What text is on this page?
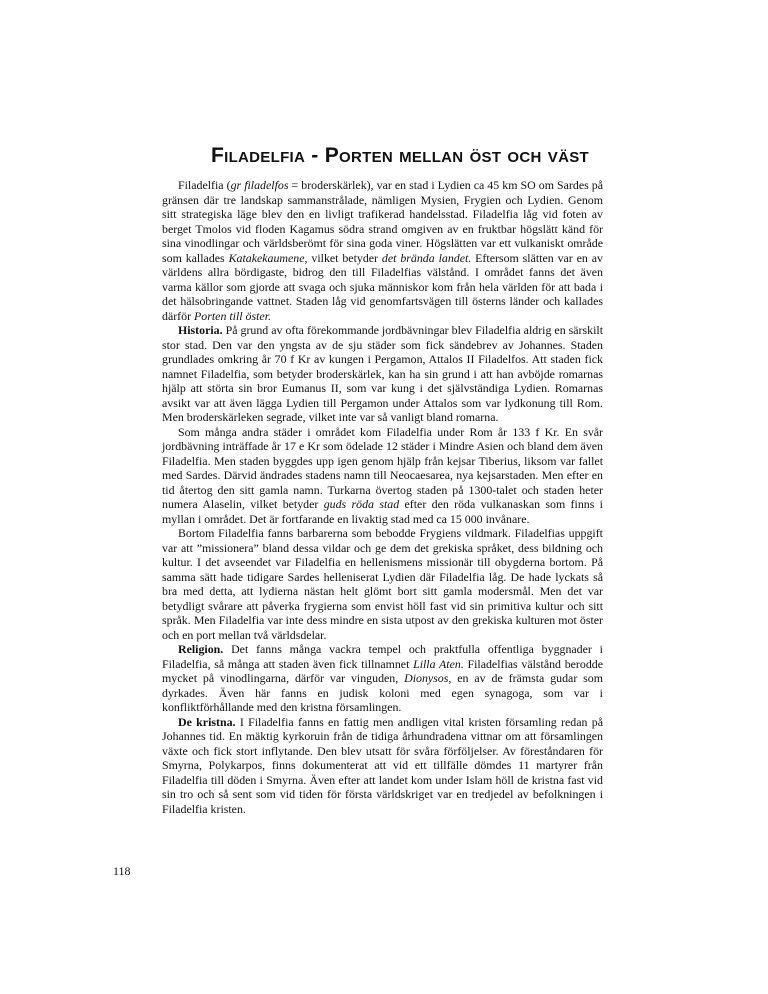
Filadelfia - Porten mellan öst och väst

Filadelfia (gr filadelfos = broderskärlek), var en stad i Lydien ca 45 km SO om Sardes på gränsen där tre landskap sammanstrålade, nämligen Mysien, Frygien och Lydien. Genom sitt strategiska läge blev den en livligt trafikerad handelsstad. Filadelfia låg vid foten av berget Tmolos vid floden Kagamus södra strand omgiven av en fruktbar högslätt känd för sina vinodlingar och världsberömt för sina goda viner. Högslätten var ett vulkaniskt område som kallades Katakekaumene, vilket betyder det brända landet. Eftersom slätten var en av världens allra bördigaste, bidrog den till Filadelfias välstånd. I området fanns det även varma källor som gjorde att svaga och sjuka människor kom från hela världen för att bada i det hälsobringande vattnet. Staden låg vid genomfartsvägen till österns länder och kallades därför Porten till öster.

Historia. På grund av ofta förekommande jordbävningar blev Filadelfia aldrig en särskilt stor stad. Den var den yngsta av de sju städer som fick sändebrev av Johannes. Staden grundlades omkring år 70 f Kr av kungen i Pergamon, Attalos II Filadelfos. Att staden fick namnet Filadelfia, som betyder broderskärlek, kan ha sin grund i att han avböjde romarnas hjälp att störta sin bror Eumanus II, som var kung i det självständiga Lydien. Romarnas avsikt var att även lägga Lydien till Pergamon under Attalos som var lydkonung till Rom. Men broderskärleken segrade, vilket inte var så vanligt bland romarna.

Som många andra städer i området kom Filadelfia under Rom år 133 f Kr. En svår jordbävning inträffade år 17 e Kr som ödelade 12 städer i Mindre Asien och bland dem även Filadelfia. Men staden byggdes upp igen genom hjälp från kejsar Tiberius, liksom var fallet med Sardes. Därvid ändrades stadens namn till Neocaesarea, nya kejsarstaden. Men efter en tid återtog den sitt gamla namn. Turkarna övertog staden på 1300-talet och staden heter numera Alaselin, vilket betyder guds röda stad efter den röda vulkanaskan som finns i myllan i området. Det är fortfarande en livaktig stad med ca 15 000 invånare.

Bortom Filadelfia fanns barbarerna som bebodde Frygiens vildmark. Filadelfias uppgift var att ”missionera” bland dessa vildar och ge dem det grekiska språket, dess bildning och kultur. I det avseendet var Filadelfia en hellenismens missionär till obygderna bortom. På samma sätt hade tidigare Sardes helleniserat Lydien där Filadelfia låg. De hade lyckats så bra med detta, att lydierna nästan helt glömt bort sitt gamla modersmål. Men det var betydligt svårare att påverka frygierna som envist höll fast vid sin primitiva kultur och sitt språk. Men Filadelfia var inte dess mindre en sista utpost av den grekiska kulturen mot öster och en port mellan två världsdelar.

Religion. Det fanns många vackra tempel och praktfulla offentliga byggnader i Filadelfia, så många att staden även fick tillnamnet Lilla Aten. Filadelfias välstånd berodde mycket på vinodlingarna, därför var vinguden, Dionysos, en av de främsta gudar som dyrkades. Även här fanns en judisk koloni med egen synagoga, som var i konfliktförhållande med den kristna församlingen.

De kristna. I Filadelfia fanns en fattig men andligen vital kristen församling redan på Johannes tid. En mäktig kyrkoruin från de tidiga århundradena vittnar om att församlingen växte och fick stort inflytande. Den blev utsatt för svåra förföljelser. Av föreståndaren för Smyrna, Polykarpos, finns dokumenterat att vid ett tillfälle dömdes 11 martyrer från Filadelfia till döden i Smyrna. Även efter att landet kom under Islam höll de kristna fast vid sin tro och så sent som vid tiden för första världskriget var en tredjedel av befolkningen i Filadelfia kristen.

118
